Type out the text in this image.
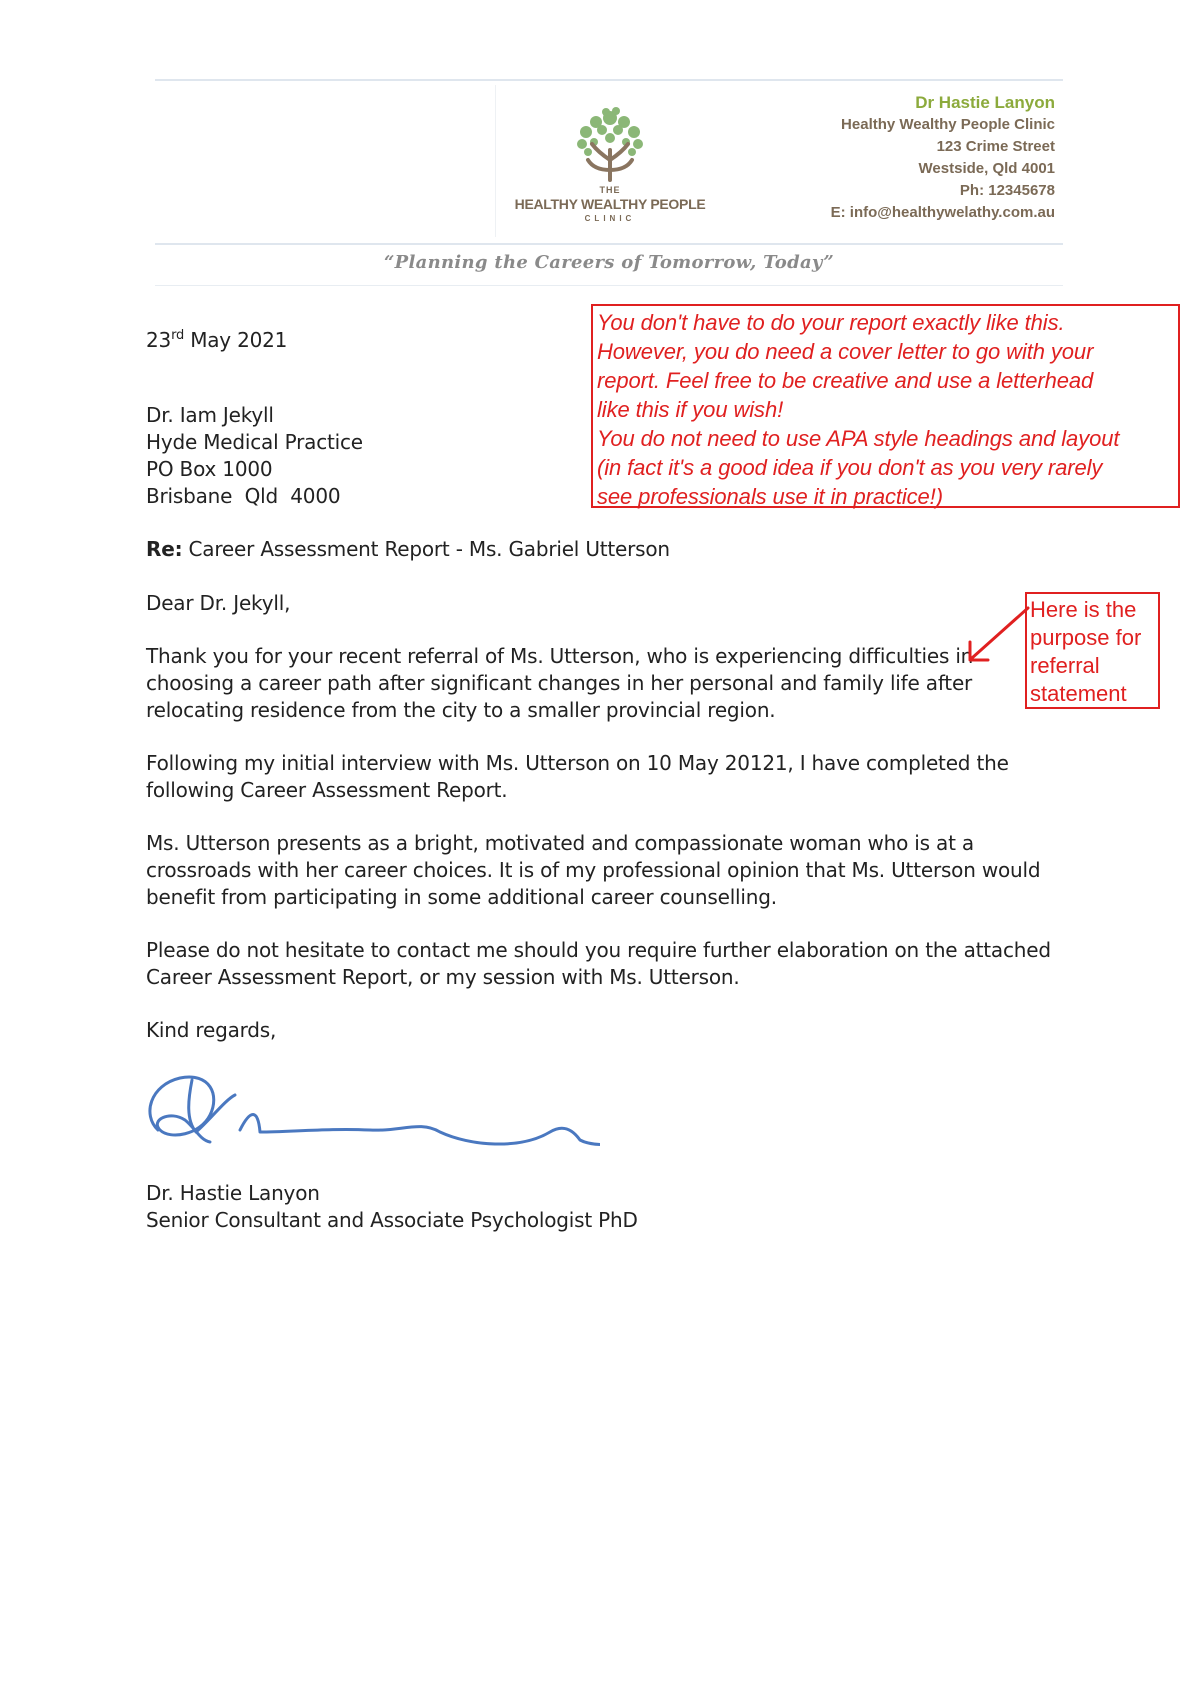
THE
HEALTHY WEALTHY PEOPLE
CLINIC
Dr Hastie Lanyon
Healthy Wealthy People Clinic
123 Crime Street
Westside, Qld 4001
Ph: 12345678
E: info@healthywelathy.com.au
“Planning the Careers of Tomorrow, Today”
23rd May 2021
Dr. Iam Jekyll
Hyde Medical Practice
PO Box 1000
Brisbane  Qld  4000
Re: Career Assessment Report - Ms. Gabriel Utterson
Dear Dr. Jekyll,
Thank you for your recent referral of Ms. Utterson, who is experiencing difficulties in choosing a career path after significant changes in her personal and family life after relocating residence from the city to a smaller provincial region.
Following my initial interview with Ms. Utterson on 10 May 20121, I have completed the following Career Assessment Report.
Ms. Utterson presents as a bright, motivated and compassionate woman who is at a crossroads with her career choices. It is of my professional opinion that Ms. Utterson would benefit from participating in some additional career counselling.
Please do not hesitate to contact me should you require further elaboration on the attached Career Assessment Report, or my session with Ms. Utterson.
Kind regards,
Dr. Hastie Lanyon
Senior Consultant and Associate Psychologist PhD
You don't have to do your report exactly like this.
However, you do need a cover letter to go with your
report. Feel free to be creative and use a letterhead
like this if you wish!
You do not need to use APA style headings and layout
(in fact it's a good idea if you don't as you very rarely
see professionals use it in practice!)
Here is the
purpose for
referral
statement
